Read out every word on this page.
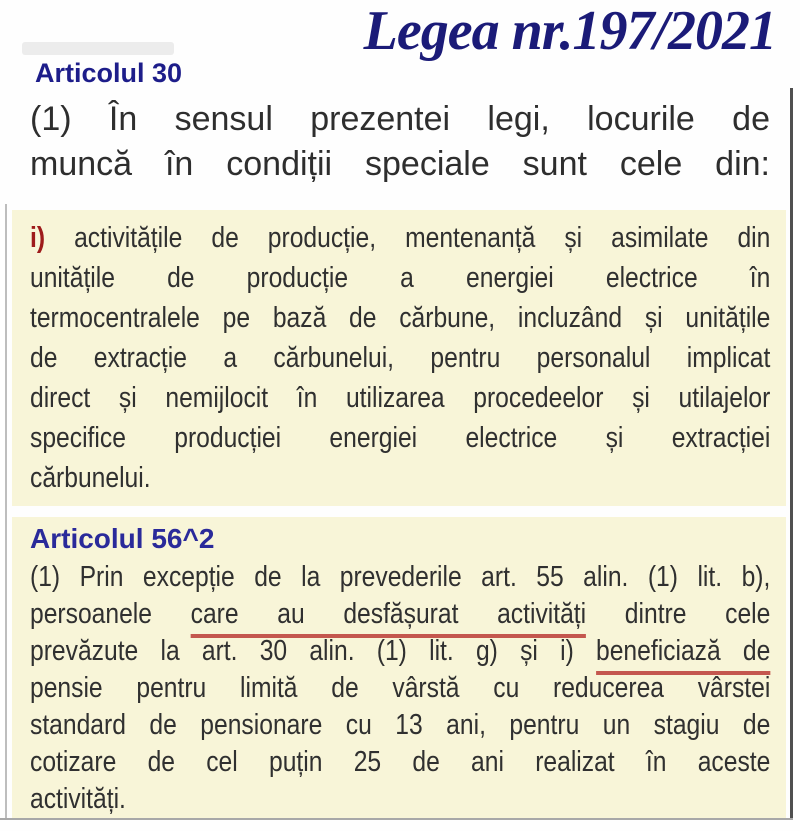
Legea nr.197/2021
Articolul 30
(1) În sensul prezentei legi, locurile de
muncă în condiții speciale sunt cele din:
i) activitățile de producție, mentenanță și asimilate din
unitățile de producție a energiei electrice în
termocentralele pe bază de cărbune, incluzând și unitățile
de extracție a cărbunelui, pentru personalul implicat
direct și nemijlocit în utilizarea procedeelor și utilajelor
specifice producției energiei electrice și extracției
cărbunelui.
Articolul 56^2
(1) Prin excepție de la prevederile art. 55 alin. (1) lit. b),
persoanele care au desfășurat activități dintre cele
prevăzute la art. 30 alin. (1) lit. g) și i) beneficiază de
pensie pentru limită de vârstă cu reducerea vârstei
standard de pensionare cu 13 ani, pentru un stagiu de
cotizare de cel puțin 25 de ani realizat în aceste
activități.
